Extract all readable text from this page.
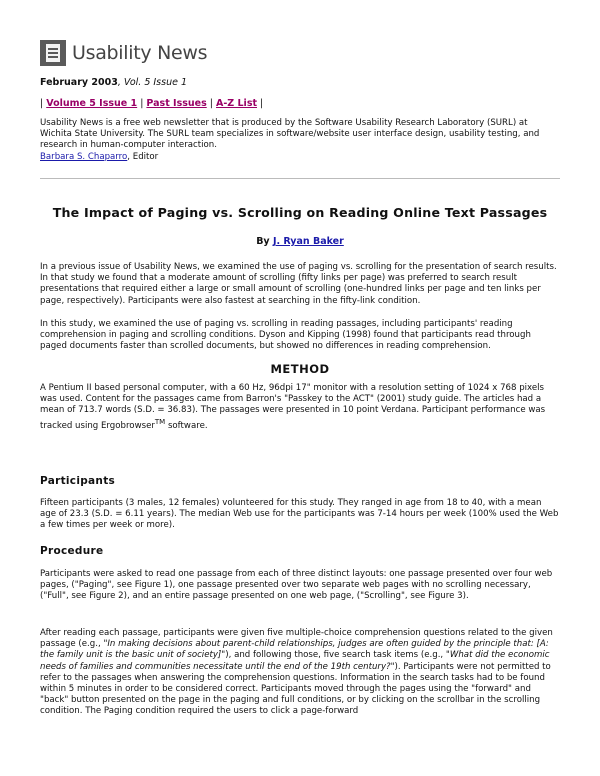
Usability News
February 2003, Vol. 5 Issue 1
| Volume 5 Issue 1 | Past Issues | A-Z List |
Usability News is a free web newsletter that is produced by the Software Usability Research Laboratory (SURL) at Wichita State University. The SURL team specializes in software/website user interface design, usability testing, and research in human-computer interaction.
Barbara S. Chaparro, Editor
The Impact of Paging vs. Scrolling on Reading Online Text Passages
By J. Ryan Baker

In a previous issue of Usability News, we examined the use of paging vs. scrolling for the presentation of search results. In that study we found that a moderate amount of scrolling (fifty links per page) was preferred to search result presentations that required either a large or small amount of scrolling (one-hundred links per page and ten links per page, respectively). Participants were also fastest at searching in the fifty-link condition.

In this study, we examined the use of paging vs. scrolling in reading passages, including participants' reading comprehension in paging and scrolling conditions. Dyson and Kipping (1998) found that participants read through paged documents faster than scrolled documents, but showed no differences in reading comprehension.

METHOD

A Pentium II based personal computer, with a 60 Hz, 96dpi 17" monitor with a resolution setting of 1024 x 768 pixels was used. Content for the passages came from Barron's "Passkey to the ACT" (2001) study guide. The articles had a mean of 713.7 words (S.D. = 36.83). The passages were presented in 10 point Verdana. Participant performance was tracked using Ergobrowser™ software.

Participants

Fifteen participants (3 males, 12 females) volunteered for this study. They ranged in age from 18 to 40, with a mean age of 23.3 (S.D. = 6.11 years). The median Web use for the participants was 7-14 hours per week (100% used the Web a few times per week or more).

Procedure

Participants were asked to read one passage from each of three distinct layouts: one passage presented over four web pages, ("Paging", see Figure 1), one passage presented over two separate web pages with no scrolling necessary, ("Full", see Figure 2), and an entire passage presented on one web page, ("Scrolling", see Figure 3).

After reading each passage, participants were given five multiple-choice comprehension questions related to the given passage (e.g., "In making decisions about parent-child relationships, judges are often guided by the principle that: [A: the family unit is the basic unit of society]"), and following those, five search task items (e.g., "What did the economic needs of families and communities necessitate until the end of the 19th century?"). Participants were not permitted to refer to the passages when answering the comprehension questions. Information in the search tasks had to be found within 5 minutes in order to be considered correct. Participants moved through the pages using the "forward" and "back" button presented on the page in the paging and full conditions, or by clicking on the scrollbar in the scrolling condition. The Paging condition required the users to click a page-forward
